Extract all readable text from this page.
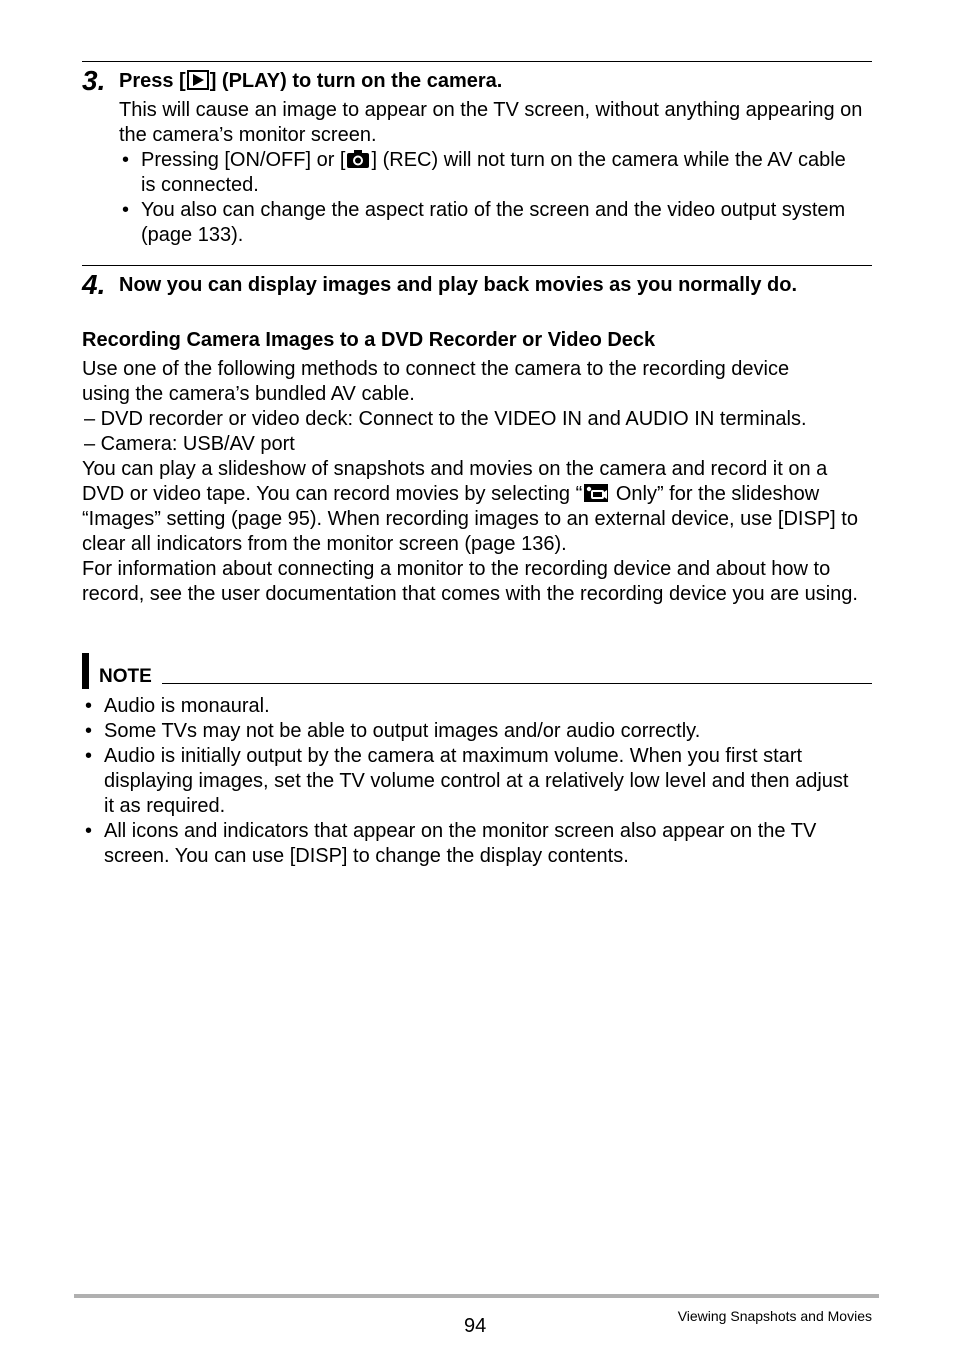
3. Press [ ] (PLAY) to turn on the camera.
This will cause an image to appear on the TV screen, without anything appearing on the camera’s monitor screen.
• Pressing [ON/OFF] or [ ] (REC) will not turn on the camera while the AV cable is connected.
• You also can change the aspect ratio of the screen and the video output system (page 133).
4. Now you can display images and play back movies as you normally do.
Recording Camera Images to a DVD Recorder or Video Deck
Use one of the following methods to connect the camera to the recording device using the camera’s bundled AV cable.
– DVD recorder or video deck: Connect to the VIDEO IN and AUDIO IN terminals.
– Camera: USB/AV port
You can play a slideshow of snapshots and movies on the camera and record it on a DVD or video tape. You can record movies by selecting “ Only” for the slideshow “Images” setting (page 95). When recording images to an external device, use [DISP] to clear all indicators from the monitor screen (page 136).
For information about connecting a monitor to the recording device and about how to record, see the user documentation that comes with the recording device you are using.
NOTE
• Audio is monaural.
• Some TVs may not be able to output images and/or audio correctly.
• Audio is initially output by the camera at maximum volume. When you first start displaying images, set the TV volume control at a relatively low level and then adjust it as required.
• All icons and indicators that appear on the monitor screen also appear on the TV screen. You can use [DISP] to change the display contents.
94	Viewing Snapshots and Movies
